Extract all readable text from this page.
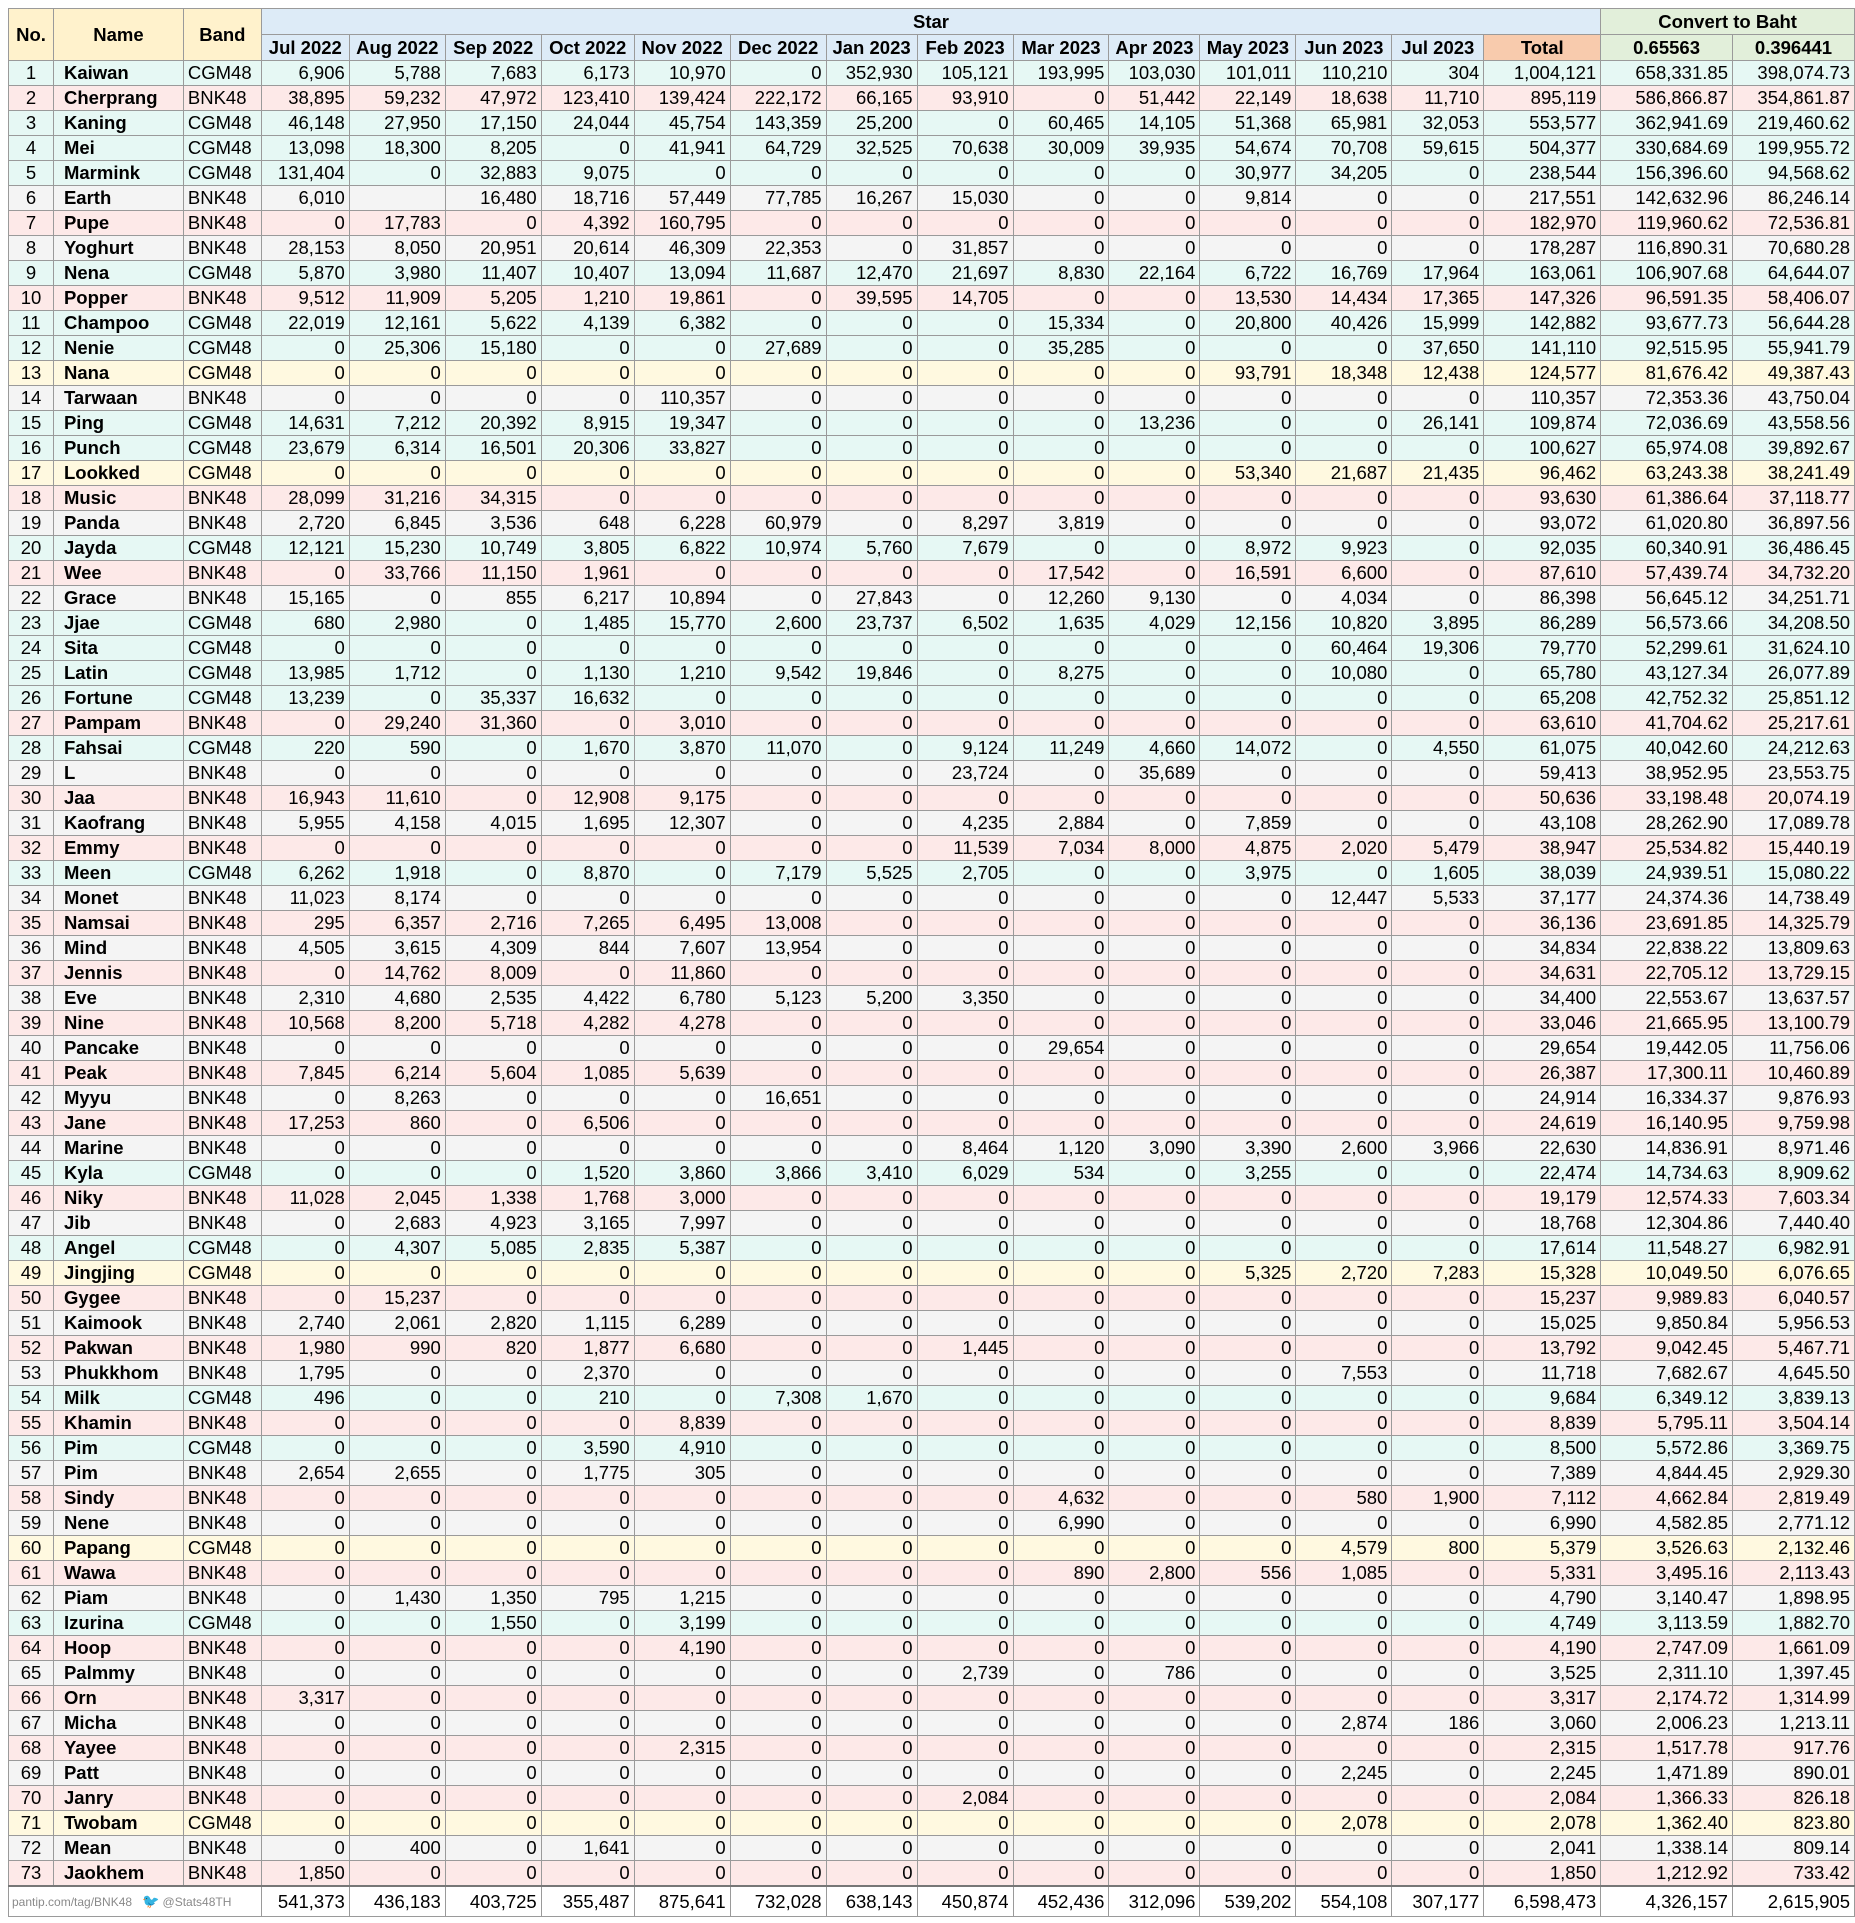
No.	Name	Band	Star														Convert to Baht	
			Jul 2022	Aug 2022	Sep 2022	Oct 2022	Nov 2022	Dec 2022	Jan 2023	Feb 2023	Mar 2023	Apr 2023	May 2023	Jun 2023	Jul 2023	Total	0.65563	0.396441
1	Kaiwan	CGM48	6,906	5,788	7,683	6,173	10,970	0	352,930	105,121	193,995	103,030	101,011	110,210	304	1,004,121	658,331.85	398,074.73
2	Cherprang	BNK48	38,895	59,232	47,972	123,410	139,424	222,172	66,165	93,910	0	51,442	22,149	18,638	11,710	895,119	586,866.87	354,861.87
3	Kaning	CGM48	46,148	27,950	17,150	24,044	45,754	143,359	25,200	0	60,465	14,105	51,368	65,981	32,053	553,577	362,941.69	219,460.62
4	Mei	CGM48	13,098	18,300	8,205	0	41,941	64,729	32,525	70,638	30,009	39,935	54,674	70,708	59,615	504,377	330,684.69	199,955.72
5	Marmink	CGM48	131,404	0	32,883	9,075	0	0	0	0	0	0	30,977	34,205	0	238,544	156,396.60	94,568.62
6	Earth	BNK48	6,010		16,480	18,716	57,449	77,785	16,267	15,030	0	0	9,814	0	0	217,551	142,632.96	86,246.14
7	Pupe	BNK48	0	17,783	0	4,392	160,795	0	0	0	0	0	0	0	0	182,970	119,960.62	72,536.81
8	Yoghurt	BNK48	28,153	8,050	20,951	20,614	46,309	22,353	0	31,857	0	0	0	0	0	178,287	116,890.31	70,680.28
9	Nena	CGM48	5,870	3,980	11,407	10,407	13,094	11,687	12,470	21,697	8,830	22,164	6,722	16,769	17,964	163,061	106,907.68	64,644.07
10	Popper	BNK48	9,512	11,909	5,205	1,210	19,861	0	39,595	14,705	0	0	13,530	14,434	17,365	147,326	96,591.35	58,406.07
11	Champoo	CGM48	22,019	12,161	5,622	4,139	6,382	0	0	0	15,334	0	20,800	40,426	15,999	142,882	93,677.73	56,644.28
12	Nenie	CGM48	0	25,306	15,180	0	0	27,689	0	0	35,285	0	0	0	37,650	141,110	92,515.95	55,941.79
13	Nana	CGM48	0	0	0	0	0	0	0	0	0	0	93,791	18,348	12,438	124,577	81,676.42	49,387.43
14	Tarwaan	BNK48	0	0	0	0	110,357	0	0	0	0	0	0	0	0	110,357	72,353.36	43,750.04
15	Ping	CGM48	14,631	7,212	20,392	8,915	19,347	0	0	0	0	13,236	0	0	26,141	109,874	72,036.69	43,558.56
16	Punch	CGM48	23,679	6,314	16,501	20,306	33,827	0	0	0	0	0	0	0	0	100,627	65,974.08	39,892.67
17	Lookked	CGM48	0	0	0	0	0	0	0	0	0	0	53,340	21,687	21,435	96,462	63,243.38	38,241.49
18	Music	BNK48	28,099	31,216	34,315	0	0	0	0	0	0	0	0	0	0	93,630	61,386.64	37,118.77
19	Panda	BNK48	2,720	6,845	3,536	648	6,228	60,979	0	8,297	3,819	0	0	0	0	93,072	61,020.80	36,897.56
20	Jayda	CGM48	12,121	15,230	10,749	3,805	6,822	10,974	5,760	7,679	0	0	8,972	9,923	0	92,035	60,340.91	36,486.45
21	Wee	BNK48	0	33,766	11,150	1,961	0	0	0	0	17,542	0	16,591	6,600	0	87,610	57,439.74	34,732.20
22	Grace	BNK48	15,165	0	855	6,217	10,894	0	27,843	0	12,260	9,130	0	4,034	0	86,398	56,645.12	34,251.71
23	Jjae	CGM48	680	2,980	0	1,485	15,770	2,600	23,737	6,502	1,635	4,029	12,156	10,820	3,895	86,289	56,573.66	34,208.50
24	Sita	CGM48	0	0	0	0	0	0	0	0	0	0	0	60,464	19,306	79,770	52,299.61	31,624.10
25	Latin	CGM48	13,985	1,712	0	1,130	1,210	9,542	19,846	0	8,275	0	0	10,080	0	65,780	43,127.34	26,077.89
26	Fortune	CGM48	13,239	0	35,337	16,632	0	0	0	0	0	0	0	0	0	65,208	42,752.32	25,851.12
27	Pampam	BNK48	0	29,240	31,360	0	3,010	0	0	0	0	0	0	0	0	63,610	41,704.62	25,217.61
28	Fahsai	CGM48	220	590	0	1,670	3,870	11,070	0	9,124	11,249	4,660	14,072	0	4,550	61,075	40,042.60	24,212.63
29	L	BNK48	0	0	0	0	0	0	0	23,724	0	35,689	0	0	0	59,413	38,952.95	23,553.75
30	Jaa	BNK48	16,943	11,610	0	12,908	9,175	0	0	0	0	0	0	0	0	50,636	33,198.48	20,074.19
31	Kaofrang	BNK48	5,955	4,158	4,015	1,695	12,307	0	0	4,235	2,884	0	7,859	0	0	43,108	28,262.90	17,089.78
32	Emmy	BNK48	0	0	0	0	0	0	0	11,539	7,034	8,000	4,875	2,020	5,479	38,947	25,534.82	15,440.19
33	Meen	CGM48	6,262	1,918	0	8,870	0	7,179	5,525	2,705	0	0	3,975	0	1,605	38,039	24,939.51	15,080.22
34	Monet	BNK48	11,023	8,174	0	0	0	0	0	0	0	0	0	12,447	5,533	37,177	24,374.36	14,738.49
35	Namsai	BNK48	295	6,357	2,716	7,265	6,495	13,008	0	0	0	0	0	0	0	36,136	23,691.85	14,325.79
36	Mind	BNK48	4,505	3,615	4,309	844	7,607	13,954	0	0	0	0	0	0	0	34,834	22,838.22	13,809.63
37	Jennis	BNK48	0	14,762	8,009	0	11,860	0	0	0	0	0	0	0	0	34,631	22,705.12	13,729.15
38	Eve	BNK48	2,310	4,680	2,535	4,422	6,780	5,123	5,200	3,350	0	0	0	0	0	34,400	22,553.67	13,637.57
39	Nine	BNK48	10,568	8,200	5,718	4,282	4,278	0	0	0	0	0	0	0	0	33,046	21,665.95	13,100.79
40	Pancake	BNK48	0	0	0	0	0	0	0	0	29,654	0	0	0	0	29,654	19,442.05	11,756.06
41	Peak	BNK48	7,845	6,214	5,604	1,085	5,639	0	0	0	0	0	0	0	0	26,387	17,300.11	10,460.89
42	Myyu	BNK48	0	8,263	0	0	0	16,651	0	0	0	0	0	0	0	24,914	16,334.37	9,876.93
43	Jane	BNK48	17,253	860	0	6,506	0	0	0	0	0	0	0	0	0	24,619	16,140.95	9,759.98
44	Marine	BNK48	0	0	0	0	0	0	0	8,464	1,120	3,090	3,390	2,600	3,966	22,630	14,836.91	8,971.46
45	Kyla	CGM48	0	0	0	1,520	3,860	3,866	3,410	6,029	534	0	3,255	0	0	22,474	14,734.63	8,909.62
46	Niky	BNK48	11,028	2,045	1,338	1,768	3,000	0	0	0	0	0	0	0	0	19,179	12,574.33	7,603.34
47	Jib	BNK48	0	2,683	4,923	3,165	7,997	0	0	0	0	0	0	0	0	18,768	12,304.86	7,440.40
48	Angel	CGM48	0	4,307	5,085	2,835	5,387	0	0	0	0	0	0	0	0	17,614	11,548.27	6,982.91
49	Jingjing	CGM48	0	0	0	0	0	0	0	0	0	0	5,325	2,720	7,283	15,328	10,049.50	6,076.65
50	Gygee	BNK48	0	15,237	0	0	0	0	0	0	0	0	0	0	0	15,237	9,989.83	6,040.57
51	Kaimook	BNK48	2,740	2,061	2,820	1,115	6,289	0	0	0	0	0	0	0	0	15,025	9,850.84	5,956.53
52	Pakwan	BNK48	1,980	990	820	1,877	6,680	0	0	1,445	0	0	0	0	0	13,792	9,042.45	5,467.71
53	Phukkhom	BNK48	1,795	0	0	2,370	0	0	0	0	0	0	0	7,553	0	11,718	7,682.67	4,645.50
54	Milk	CGM48	496	0	0	210	0	7,308	1,670	0	0	0	0	0	0	9,684	6,349.12	3,839.13
55	Khamin	BNK48	0	0	0	0	8,839	0	0	0	0	0	0	0	0	8,839	5,795.11	3,504.14
56	Pim	CGM48	0	0	0	3,590	4,910	0	0	0	0	0	0	0	0	8,500	5,572.86	3,369.75
57	Pim	BNK48	2,654	2,655	0	1,775	305	0	0	0	0	0	0	0	0	7,389	4,844.45	2,929.30
58	Sindy	BNK48	0	0	0	0	0	0	0	0	4,632	0	0	580	1,900	7,112	4,662.84	2,819.49
59	Nene	BNK48	0	0	0	0	0	0	0	0	6,990	0	0	0	0	6,990	4,582.85	2,771.12
60	Papang	CGM48	0	0	0	0	0	0	0	0	0	0	0	4,579	800	5,379	3,526.63	2,132.46
61	Wawa	BNK48	0	0	0	0	0	0	0	0	890	2,800	556	1,085	0	5,331	3,495.16	2,113.43
62	Piam	BNK48	0	1,430	1,350	795	1,215	0	0	0	0	0	0	0	0	4,790	3,140.47	1,898.95
63	Izurina	CGM48	0	0	1,550	0	3,199	0	0	0	0	0	0	0	0	4,749	3,113.59	1,882.70
64	Hoop	BNK48	0	0	0	0	4,190	0	0	0	0	0	0	0	0	4,190	2,747.09	1,661.09
65	Palmmy	BNK48	0	0	0	0	0	0	0	2,739	0	786	0	0	0	3,525	2,311.10	1,397.45
66	Orn	BNK48	3,317	0	0	0	0	0	0	0	0	0	0	0	0	3,317	2,174.72	1,314.99
67	Micha	BNK48	0	0	0	0	0	0	0	0	0	0	0	2,874	186	3,060	2,006.23	1,213.11
68	Yayee	BNK48	0	0	0	0	2,315	0	0	0	0	0	0	0	0	2,315	1,517.78	917.76
69	Patt	BNK48	0	0	0	0	0	0	0	0	0	0	0	2,245	0	2,245	1,471.89	890.01
70	Janry	BNK48	0	0	0	0	0	0	0	2,084	0	0	0	0	0	2,084	1,366.33	826.18
71	Twobam	CGM48	0	0	0	0	0	0	0	0	0	0	0	2,078	0	2,078	1,362.40	823.80
72	Mean	BNK48	0	400	0	1,641	0	0	0	0	0	0	0	0	0	2,041	1,338.14	809.14
73	Jaokhem	BNK48	1,850	0	0	0	0	0	0	0	0	0	0	0	0	1,850	1,212.92	733.42
pantip.com/tag/BNK48 🐦 @Stats48TH			541,373	436,183	403,725	355,487	875,641	732,028	638,143	450,874	452,436	312,096	539,202	554,108	307,177	6,598,473	4,326,157	2,615,905
